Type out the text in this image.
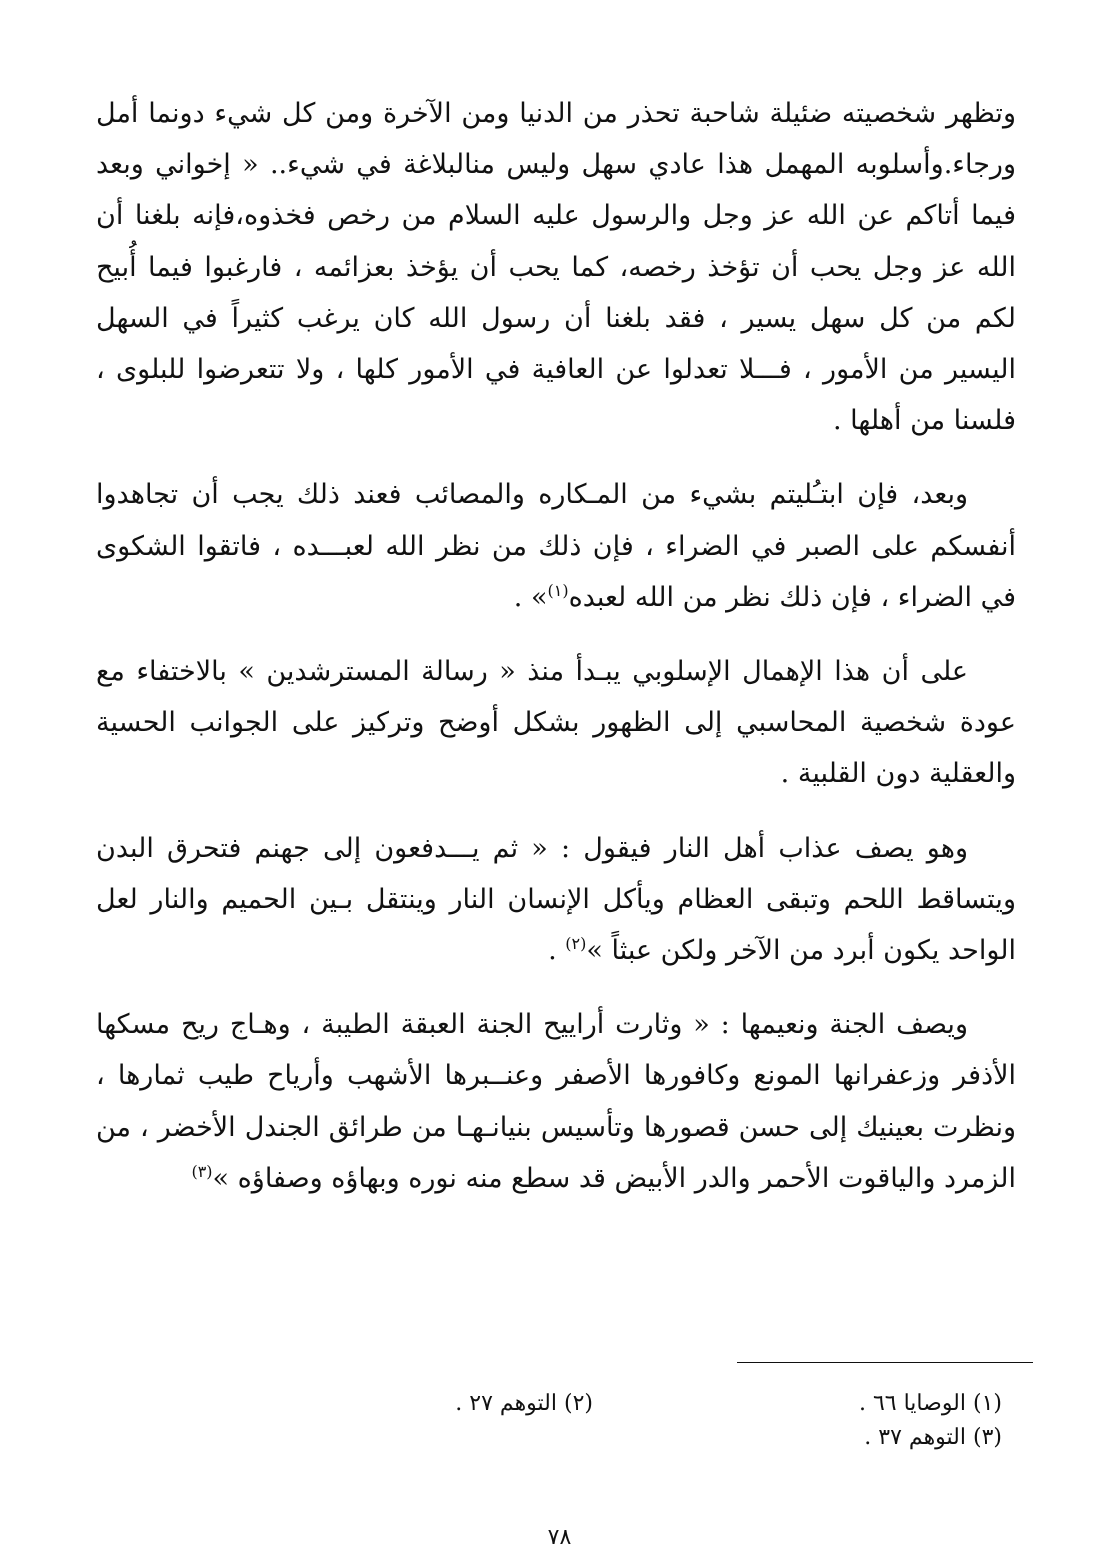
وتظهر شخصيته ضئيلة شاحبة تحذر من الدنيا ومن الآخرة ومن كل شيء دونما أمل ورجاء.وأسلوبه المهمل هذا عادي سهل وليس منالبلاغة في شيء.. « إخواني وبعد فيما أتاكم عن الله عز وجل والرسول عليه السلام من رخص فخذوه،فإنه بلغنا أن الله عز وجل يحب أن تؤخذ رخصه، كما يحب أن يؤخذ بعزائمه ، فارغبوا فيما أُبيح لكم من كل سهل يسير ، فقد بلغنا أن رسول الله كان يرغب كثيراً في السهل اليسير من الأمور ، فـــلا تعدلوا عن العافية في الأمور كلها ، ولا تتعرضوا للبلوى ، فلسنا من أهلها .

وبعد، فإن ابتـُليتم بشيء من المـكاره والمصائب فعند ذلك يجب أن تجاهدوا أنفسكم على الصبر في الضراء ، فإن ذلك من نظر الله لعبـــده ، فاتقوا الشكوى في الضراء ، فإن ذلك نظر من الله لعبده$^{(١)}$» .

على أن هذا الإهمال الإسلوبي يبـدأ منذ « رسالة المسترشدين » بالاختفاء مع عودة شخصية المحاسبي إلى الظهور بشكل أوضح وتركيز على الجوانب الحسية والعقلية دون القلبية .

وهو يصف عذاب أهل النار فيقول : « ثم يـــدفعون إلى جهنم فتحرق البدن ويتساقط اللحم وتبقى العظام ويأكل الإنسان النار وينتقل بـين الحميم والنار لعل الواحد يكون أبرد من الآخر ولكن عبثاً »$^{(٢)}$ .

ويصف الجنة ونعيمها : « وثارت أراييح الجنة العبقة الطيبة ، وهـاج ريح مسكها الأذفر وزعفرانها المونع وكافورها الأصفر وعنــبرها الأشهب وأرياح طيب ثمارها ، ونظرت بعينيك إلى حسن قصورها وتأسيس بنيانـهـا من طرائق الجندل الأخضر ، من الزمرد والياقوت الأحمر والدر الأبيض قد سطع منه نوره وبهاؤه وصفاؤه »$^{(٣)}$

(١) الوصايا ٦٦ .
(٢) التوهم ٢٧ .
(٣) التوهم ٣٧ .
٧٨
